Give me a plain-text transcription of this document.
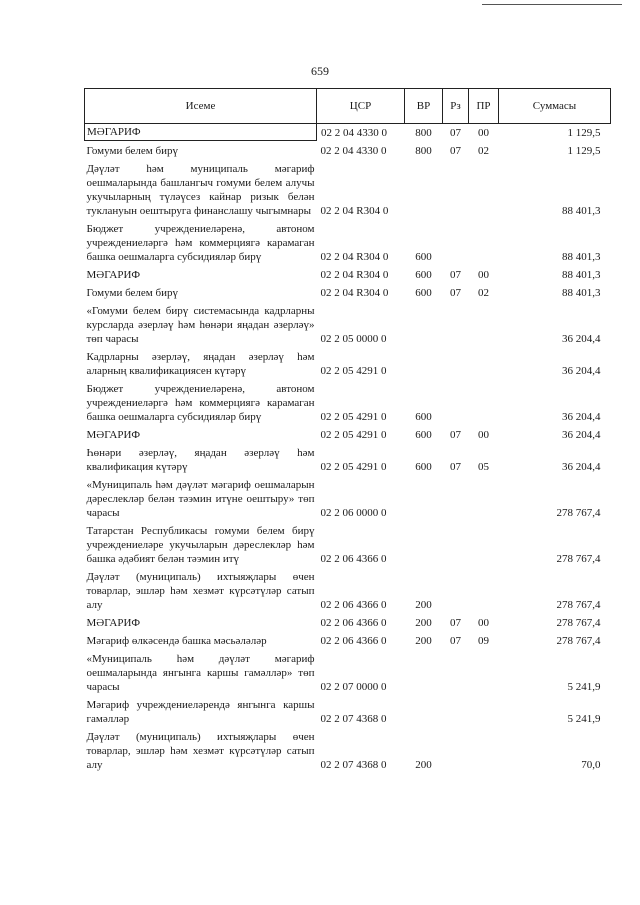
659
Исеме	ЦСР	ВР	Рз	ПР	Суммасы
МӘГАРИФ	02 2 04 4330 0	800	07	00	1 129,5
Гомуми белем бирү	02 2 04 4330 0	800	07	02	1 129,5
Дәүләт һәм муниципаль мәгариф оешмаларында башлангыч гомуми белем алучы укучыларның түләүсез кайнар ризык белән туклануын оештыруга финанслашу чыгымнары	02 2 04 R304 0				88 401,3
Бюджет учреждениеләренә, автоном учреждениеләргә һәм коммерциягә карамаган башка оешмаларга субсидияләр бирү	02 2 04 R304 0	600			88 401,3
МӘГАРИФ	02 2 04 R304 0	600	07	00	88 401,3
Гомуми белем бирү	02 2 04 R304 0	600	07	02	88 401,3
«Гомуми белем бирү системасында кадрларны курсларда әзерләү һәм һөнәри яңадан әзерләү» төп чарасы	02 2 05 0000 0				36 204,4
Кадрларны әзерләү, яңадан әзерләү һәм аларның квалификациясен күтәрү	02 2 05 4291 0				36 204,4
Бюджет учреждениеләренә, автоном учреждениеләргә һәм коммерциягә карамаган башка оешмаларга субсидияләр бирү	02 2 05 4291 0	600			36 204,4
МӘГАРИФ	02 2 05 4291 0	600	07	00	36 204,4
Һөнәри әзерләү, яңадан әзерләү һәм квалификация күтәрү	02 2 05 4291 0	600	07	05	36 204,4
«Муниципаль һәм дәүләт мәгариф оешмаларын дәреслекләр белән тәэмин итүне оештыру» төп чарасы	02 2 06 0000 0				278 767,4
Татарстан Республикасы гомуми белем бирү учреждениеләре укучыларын дәреслекләр һәм башка әдәбият белән тәэмин итү	02 2 06 4366 0				278 767,4
Дәүләт (муниципаль) ихтыяҗлары өчен товарлар, эшләр һәм хезмәт күрсәтүләр сатып алу	02 2 06 4366 0	200			278 767,4
МӘГАРИФ	02 2 06 4366 0	200	07	00	278 767,4
Мәгариф өлкәсендә башка мәсьәләләр	02 2 06 4366 0	200	07	09	278 767,4
«Муниципаль һәм дәүләт мәгариф оешмаларында янгынга каршы гамәлләр» төп чарасы	02 2 07 0000 0				5 241,9
Мәгариф учреждениеләрендә янгынга каршы гамәлләр	02 2 07 4368 0				5 241,9
Дәүләт (муниципаль) ихтыяҗлары өчен товарлар, эшләр һәм хезмәт күрсәтүләр сатып алу	02 2 07 4368 0	200			70,0
